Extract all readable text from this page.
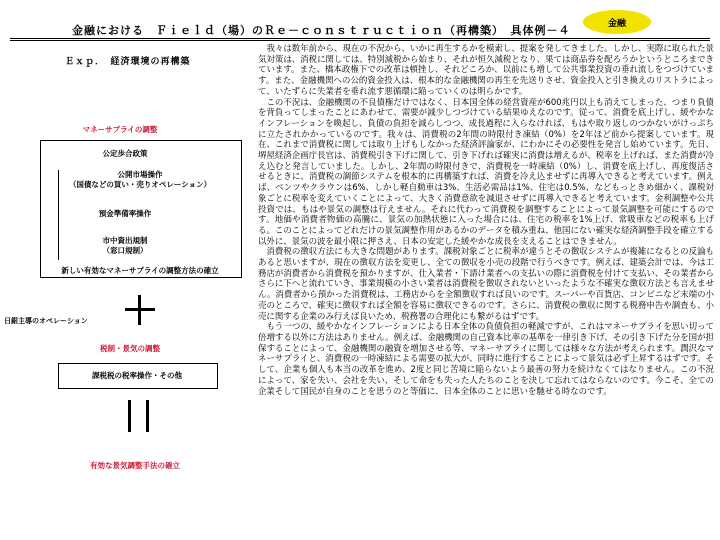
金融における　Ｆｉｅｌｄ（場）のＲｅ－ｃｏｎｓｔｒｕｃｔｉｏｎ（再構築）　具体例－４
金融
Ｅｘｐ．　経済環境の再構築
マネーサプライの調整
公定歩合政策
公開市場操作
（国債などの買い・売りオペレーション）
預金準備率操作
市中資出規制
（窓口規制）
新しい有効なマネーサプライの調整方法の確立
日銀主導のオペレーション
税制・景気の調整
課税税の税率操作・その他
有効な景気調整手法の確立

我々は数年前から、現在の不況から、いかに再生するかを模索し、提案を発してきました。しかし、実際に取られた景気対策は、消税に関しては、特別減税から始まり、それが恒久減税となり、果ては商品券を配ろうかというところまできています。また、橋本政権下での改革は頓挫し、それどころか、以前にも増して公共事業投資の垂れ流しをつづけています。また、金融機関への公的資金投入は、根本的な金融機関の再生を先送りさせ、資金投入と引き換えのリストラによって、いたずらに失業者を垂れ流す悪循環に陥っていくのは明らかです。

この不況は、金融機関の不良債権だけではなく、日本国全体の経営資産が600兆円以上も消えてしまった、つまり負債を背負ってしまったことにあわせて、需要が減少しつづけている結果ゆえなのです。従って、消費を底上げし、緩やかなインフレーションを喚起し、負債の負担を減らしつつ、成長過程に入らなければ、もはや取り返しのつかないがけっぷちに立たされかかっているのです。我々は、消費税の2年間の時限付き凍結（0%）を2年ほど前から提案しています。現在、これまで消費税に関しては取り上げもしなかった経済評論家が、にわかにその必要性を発言し始めています。先日、堺屋経済企画庁長官は、消費税引き下げに関して、引き下げれば確実に消費は増えるが、税率を上げれば、また消費が冷え込むと発言していました。しかし、2年間の時限付きで、消費税を一時凍結（0%）し、消費を底上げし、再度復活させるときに、消費税の調節システムを根本的に再構築すれば、消費を冷え込ませずに再導入できると考えています。例えば、ベンツやクラウンは6%、しかし軽自動車は3%、生活必需品は1%、住宅は0.5%、などもっときめ細かく、課税対象ごとに税率を変えていくことによって、大きく消費意欲を減退させずに再導入できると考えています。金利調整や公共投資では、もはや景気の調整は行えません。それに代わって消費税を調整することによって景気調整を可能にするのです。地価や消費者物価の高騰に、景気の加熱状態に入った場合には、住宅の税率を1%上げ、常吸車などの税率も上げる。このことによってどれだけの景気調整作用があるかのデータを積み重ね、他国にない確実な経済調整手段を確立する以外に、景気の波を最小限に押さえ、日本の安定した緩やかな成長を支えることはできません。

消費税の徴収方法にも大きな問題があります。課税対象ごとに税率が違うとその徴収システムが複雑になるとの反論もあると思いますが、現在の徴収方法を変更し、全ての徴収を小売の段階で行うべきです。例えば、建築会計では、今は工務店が消費者から消費税を預かりますが、仕入業者・下請け業者への支払いの際に消費税を付けて支払い、その業者からさらに下へと流れていき、事業規模の小さい業者は消費税を徴収されないといったような不確実な徴収方法とも言えません。消費者から預かった消費税は、工務店からを全額徴収すれば良いのです。スーパーや百貨店、コンビニなど末端の小売のところで、確実に徴収すれば全額を容易に徴収できるのです。さらに、消費税の徴収に関する税務申告や調査も、小売に関する企業のみ行えば良いため、税務署の合理化にも繋がるはずです。

もう一つの、緩やかなインフレーションによる日本全体の負債負担の軽減ですが、これはマネーサプライを思い切って倍増する以外に方法はありません。例えば、金融機関の自己資本比率の基準を一律引き下げ、その引き下げた分を国が担保することによって、金融機関の融資を増加させる等、マネーサプライに関しては様々な方法が考えられます。潤沢なマネーサプライと、消費税の一時凍結による需要の拡大が、同時に進行することによって景気は必ず上昇するはずです。そして、企業も個人も本当の改革を進め、2度と同じ苦境に陥らないよう最善の努力を続けなくてはなりません。この不況によって、家を失い、会社を失い、そして命をも失った人たちのことを決して忘れてはならないのです。今こそ、全ての企業そして国民が自身のことを思うのと等価に、日本全体のことに思いを馳せる時なのです。
